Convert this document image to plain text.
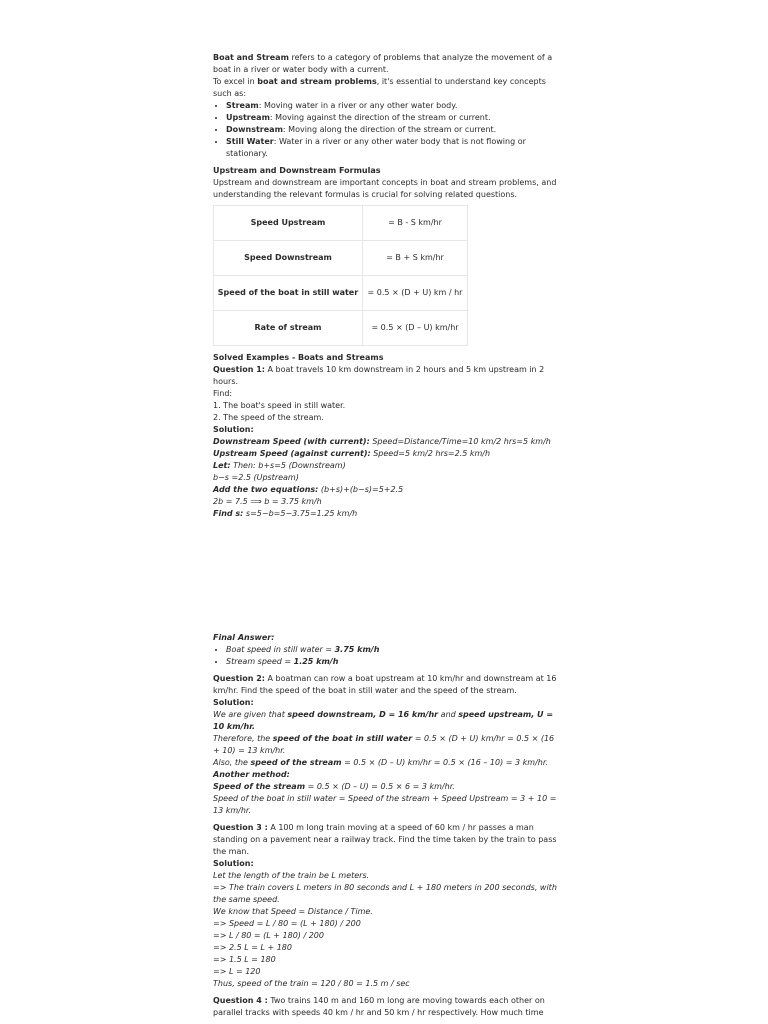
Boat and Stream refers to a category of problems that analyze the movement of a boat in a river or water body with a current.

To excel in boat and stream problems, it's essential to understand key concepts such as:

• Stream: Moving water in a river or any other water body.
• Upstream: Moving against the direction of the stream or current.
• Downstream: Moving along the direction of the stream or current.
• Still Water: Water in a river or any other water body that is not flowing or stationary.

Upstream and Downstream Formulas

Upstream and downstream are important concepts in boat and stream problems, and understanding the relevant formulas is crucial for solving related questions.

Speed Upstream	= B - S km/hr
Speed Downstream	= B + S km/hr
Speed of the boat in still water	= 0.5 × (D + U) km / hr
Rate of stream	= 0.5 × (D – U) km/hr

Solved Examples - Boats and Streams

Question 1: A boat travels 10 km downstream in 2 hours and 5 km upstream in 2 hours.

Find:

1. The boat's speed in still water.

2. The speed of the stream.

Solution:

Downstream Speed (with current): Speed=Distance/Time=10 km/2 hrs=5 km/h

Upstream Speed (against current): Speed=5 km/2 hrs=2.5 km/h

Let: Then: b+s=5 (Downstream)

b−s =2.5 (Upstream)

Add the two equations: (b+s)+(b−s)=5+2.5

2b = 7.5 ⟹ b = 3.75 km/h

Find s: s=5−b=5−3.75=1.25 km/h

Final Answer:

• Boat speed in still water = 3.75 km/h
• Stream speed = 1.25 km/h

Question 2: A boatman can row a boat upstream at 10 km/hr and downstream at 16 km/hr. Find the speed of the boat in still water and the speed of the stream.

Solution:

We are given that speed downstream, D = 16 km/hr and speed upstream, U = 10 km/hr.

Therefore, the speed of the boat in still water = 0.5 × (D + U) km/hr = 0.5 × (16 + 10) = 13 km/hr.

Also, the speed of the stream = 0.5 × (D – U) km/hr = 0.5 × (16 – 10) = 3 km/hr.

Another method:

Speed of the stream = 0.5 × (D – U) = 0.5 × 6 = 3 km/hr.

Speed of the boat in still water = Speed of the stream + Speed Upstream = 3 + 10 = 13 km/hr.

Question 3 : A 100 m long train moving at a speed of 60 km / hr passes a man standing on a pavement near a railway track. Find the time taken by the train to pass the man.

Solution:

Let the length of the train be L meters.

=> The train covers L meters in 80 seconds and L + 180 meters in 200 seconds, with the same speed.

We know that Speed = Distance / Time.

=> Speed = L / 80 = (L + 180) / 200

=> L / 80 = (L + 180) / 200

=> 2.5 L = L + 180

=> 1.5 L = 180

=> L = 120

Thus, speed of the train = 120 / 80 = 1.5 m / sec

Question 4 : Two trains 140 m and 160 m long are moving towards each other on parallel tracks with speeds 40 km / hr and 50 km / hr respectively. How much time
